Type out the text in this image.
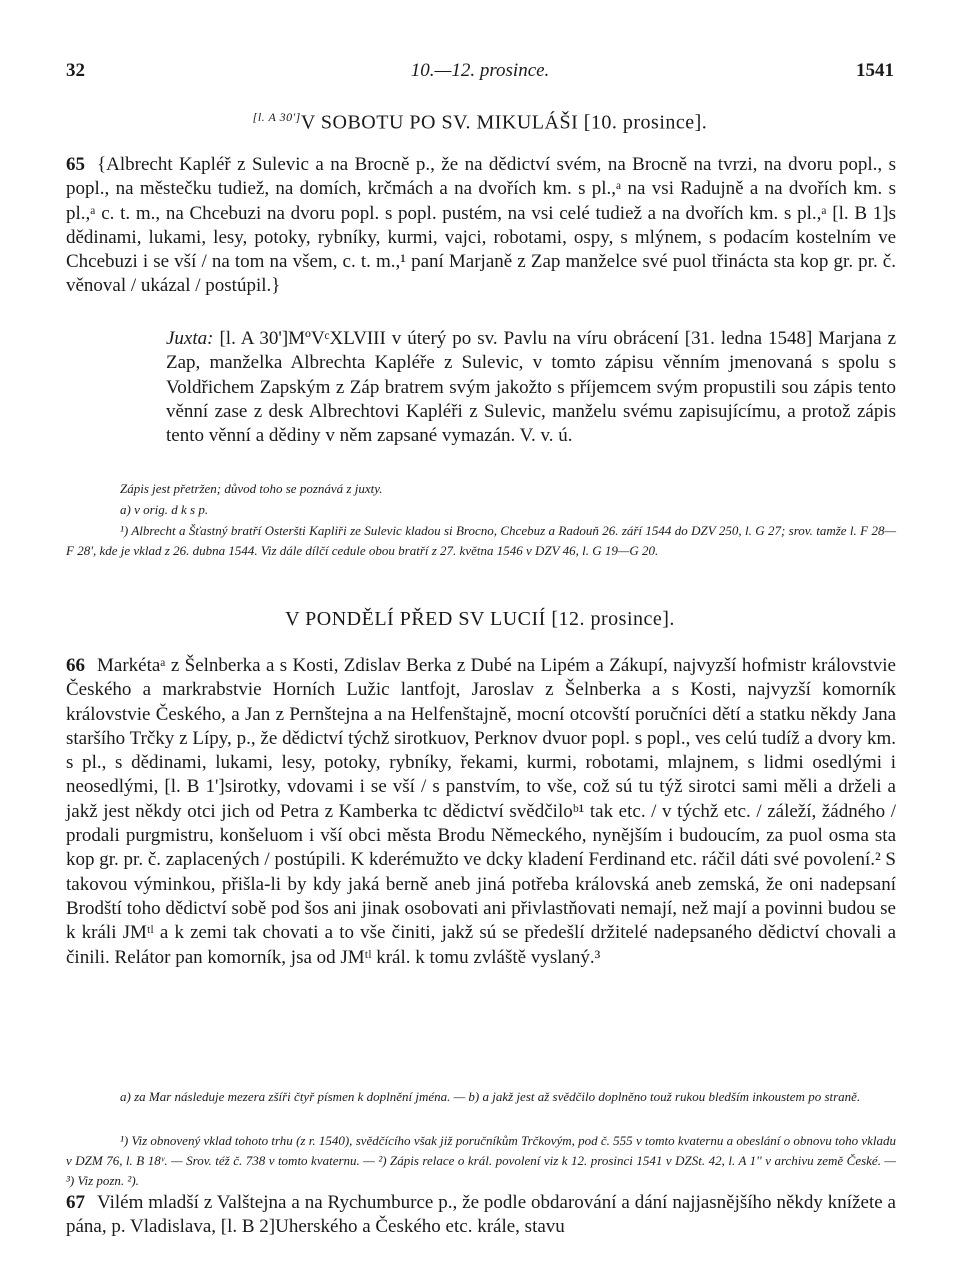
32	10.—12. prosince.	1541
[l. A 30']V SOBOTU PO SV. MIKULÁŠI [10. prosince].

65 {Albrecht Kapléř z Sulevic a na Brocně p., že na dědictví svém, na Brocně na tvrzi, na dvoru popl., s popl., na městečku tudiež, na domích, krčmách a na dvořích km. s pl.,ᵃ na vsi Radujně a na dvořích km. s pl.,ᵃ c. t. m., na Chcebuzi na dvoru popl. s popl. pustém, na vsi celé tudiež a na dvořích km. s pl.,ᵃ [l. B 1]s dědinami, lukami, lesy, potoky, rybníky, kurmi, vajci, robotami, ospy, s mlýnem, s podacím kostelním ve Chcebuzi i se vší / na tom na všem, c. t. m.,¹ paní Marjaně z Zap manželce své puol třinácta sta kop gr. pr. č. věnoval / ukázal / postúpil.}

Juxta: [l. A 30']MºVᶜXLVIII v úterý po sv. Pavlu na víru obrácení [31. ledna 1548] Marjana z Zap, manželka Albrechta Kapléře z Sulevic, v tomto zápisu věnním jmenovaná s spolu s Voldřichem Zapským z Záp bratrem svým jakožto s příjemcem svým propustili sou zápis tento věnní zase z desk Albrechtovi Kapléři z Sulevic, manželu svému zapisujícímu, a protož zápis tento věnní a dědiny v něm zapsané vymazán. V. v. ú.

Zápis jest přetržen; důvod toho se poznává z juxty.

a) v orig. d k s p.

¹) Albrecht a Šťastný bratří Osteršti Kapliři ze Sulevic kladou si Brocno, Chcebuz a Radouň 26. září 1544 do DZV 250, l. G 27; srov. tamže l. F 28—F 28', kde je vklad z 26. dubna 1544. Viz dále dílčí cedule obou bratří z 27. května 1546 v DZV 46, l. G 19—G 20.

V PONDĚLÍ PŘED SV LUCIÍ [12. prosince].

66 Markétaᵃ z Šelnberka a s Kosti, Zdislav Berka z Dubé na Lipém a Zákupí, najvyzší hofmistr královstvie Českého a markrabstvie Horních Lužic lantfojt, Jaroslav z Šelnberka a s Kosti, najvyzší komorník královstvie Českého, a Jan z Pernštejna a na Helfenštajně, mocní otcovští poručníci dětí a statku někdy Jana staršího Trčky z Lípy, p., že dědictví týchž sirotkuov, Perknov dvuor popl. s popl., ves celú tudíž a dvory km. s pl., s dědinami, lukami, lesy, potoky, rybníky, řekami, kurmi, robotami, mlajnem, s lidmi osedlými i neosedlými, [l. B 1']sirotky, vdovami i se vší / s panstvím, to vše, což sú tu týž sirotci sami měli a drželi a jakž jest někdy otci jich od Petra z Kamberka tc dědictví svědčiloᵇ¹ tak etc. / v týchž etc. / záleží, žádného / prodali purgmistru, konšeluom i vší obci města Brodu Německého, nynějším i budoucím, za puol osma sta kop gr. pr. č. zaplacených / postúpili. K kderémužto ve dcky kladení Ferdinand etc. ráčil dáti své povolení.² S takovou výminkou, přišla-li by kdy jaká berně aneb jiná potřeba královská aneb zemská, že oni nadepsaní Brodští toho dědictví sobě pod šos ani jinak osobovati ani přivlastňovati nemají, než mají a povinni budou se k králi JMᵗˡ a k zemi tak chovati a to vše činiti, jakž sú se předešlí držitelé nadepsaného dědictví chovali a činili. Relátor pan komorník, jsa od JMᵗˡ král. k tomu zvláště vyslaný.³

a) za Mar následuje mezera zšíři čtyř písmen k doplnění jména. — b) a jakž jest až svědčilo doplněno touž rukou bledším inkoustem po straně.

¹) Viz obnovený vklad tohoto trhu (z r. 1540), svědčícího však již poručníkům Trčkovým, pod č. 555 v tomto kvaternu a obeslání o obnovu toho vkladu v DZM 76, l. B 18ᵛ. — Srov. též č. 738 v tomto kvaternu. — ²) Zápis relace o král. povolení viz k 12. prosinci 1541 v DZSt. 42, l. A 1'' v archivu země České. — ³) Viz pozn. ²).

67 Vilém mladší z Valštejna a na Rychumburce p., že podle obdarování a dání najjasnějšího někdy knížete a pána, p. Vladislava, [l. B 2]Uherského a Českého etc. krále, stavu
